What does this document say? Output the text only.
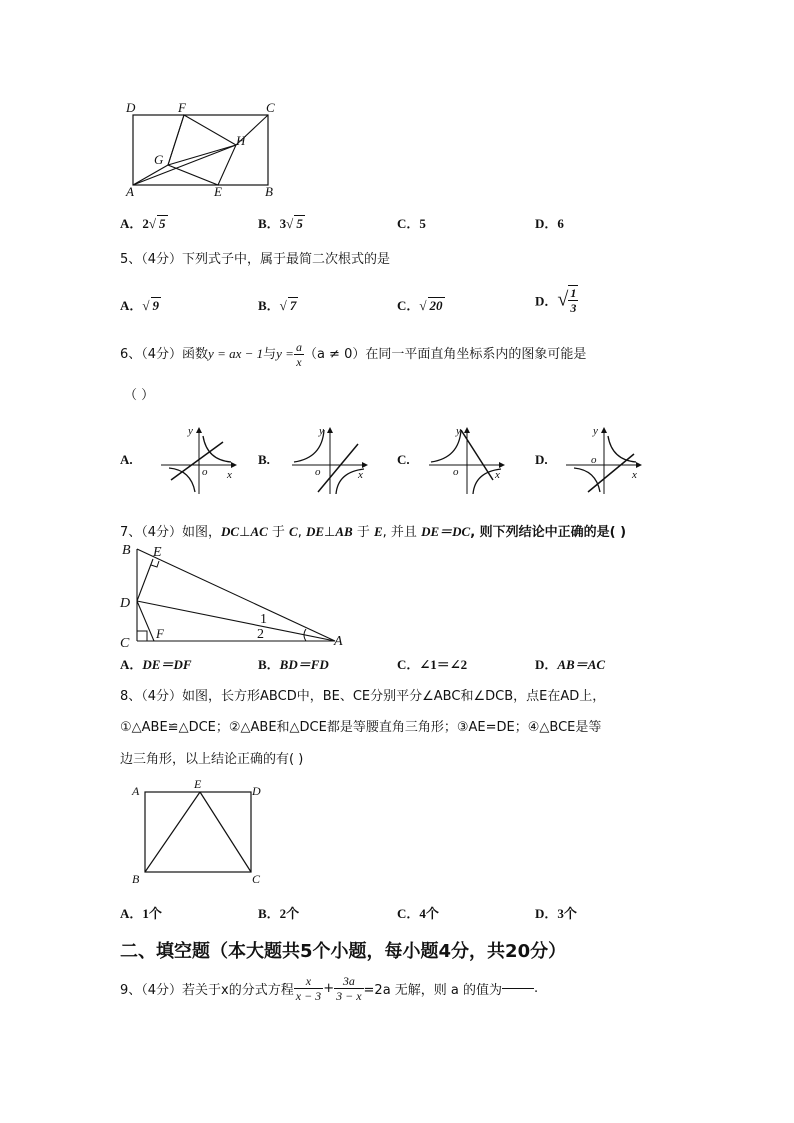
D	F	C
G
H
A	E	B
A．2√ 5	B．3√ 5	C．5	D．6
5、（4分）下列式子中，属于最简二次根式的是
A．√ 9	B．√ 7	C．√ 20	D．√ $\frac{1}{3}$
6、（4分）函数y = ax − 1与$y = \frac{a}{x} (a \ne 0)$在同一平面直角坐标系内的图象可能是
（ ）
A.	B.	C.	D.
y
x
o
y
x
o
y
x
o
y
x
o
7、（4分）如图，DC⊥AC 于 C, DE⊥AB 于 E, 并且 DE＝DC, 则下列结论中正确的是( )
B E
D
C
F
A
1
2
A．DE＝DF	B．BD＝FD	C．∠1＝∠2	D．AB＝AC
8、（4分）如图，长方形ABCD中，BE、CE分别平分∠ABC和∠DCB，点E在AD上，
①△ABE≌△DCE；②△ABE和△DCE都是等腰直角三角形；③AE=DE；④△BCE是等
边三角形，以上结论正确的有( )
A	E	D
B	C
A．1个	B．2个	C．4个	D．3个
二、填空题（本大题共5个小题，每小题4分，共20分）
9、（4分）若关于x的分式方程 $\frac{x}{x - 3} + \frac{3a}{3 - x} =2a$ 无解，则 a 的值为 .
